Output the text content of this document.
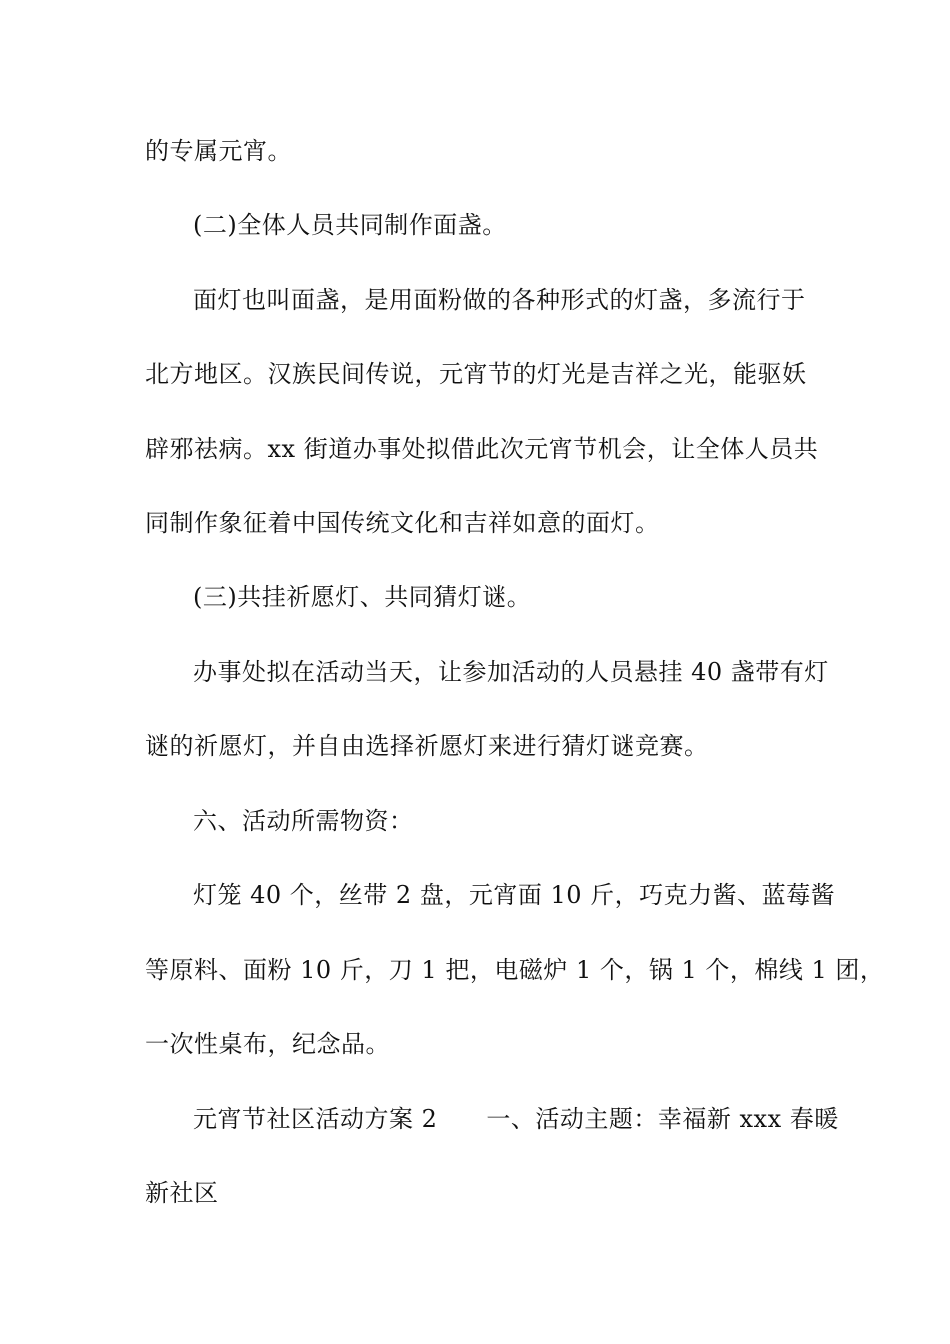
的专属元宵。
(二)全体人员共同制作面盏。
面灯也叫面盏，是用面粉做的各种形式的灯盏，多流行于
北方地区。汉族民间传说，元宵节的灯光是吉祥之光，能驱妖
辟邪祛病。xx 街道办事处拟借此次元宵节机会，让全体人员共
同制作象征着中国传统文化和吉祥如意的面灯。
(三)共挂祈愿灯、共同猜灯谜。
办事处拟在活动当天，让参加活动的人员悬挂 40 盏带有灯
谜的祈愿灯，并自由选择祈愿灯来进行猜灯谜竞赛。
六、活动所需物资：
灯笼 40 个，丝带 2 盘，元宵面 10 斤，巧克力酱、蓝莓酱
等原料、面粉 10 斤，刀 1 把，电磁炉 1 个，锅 1 个，棉线 1 团，
一次性桌布，纪念品。
元宵节社区活动方案 2　　一、活动主题：幸福新 xxx 春暖
新社区
